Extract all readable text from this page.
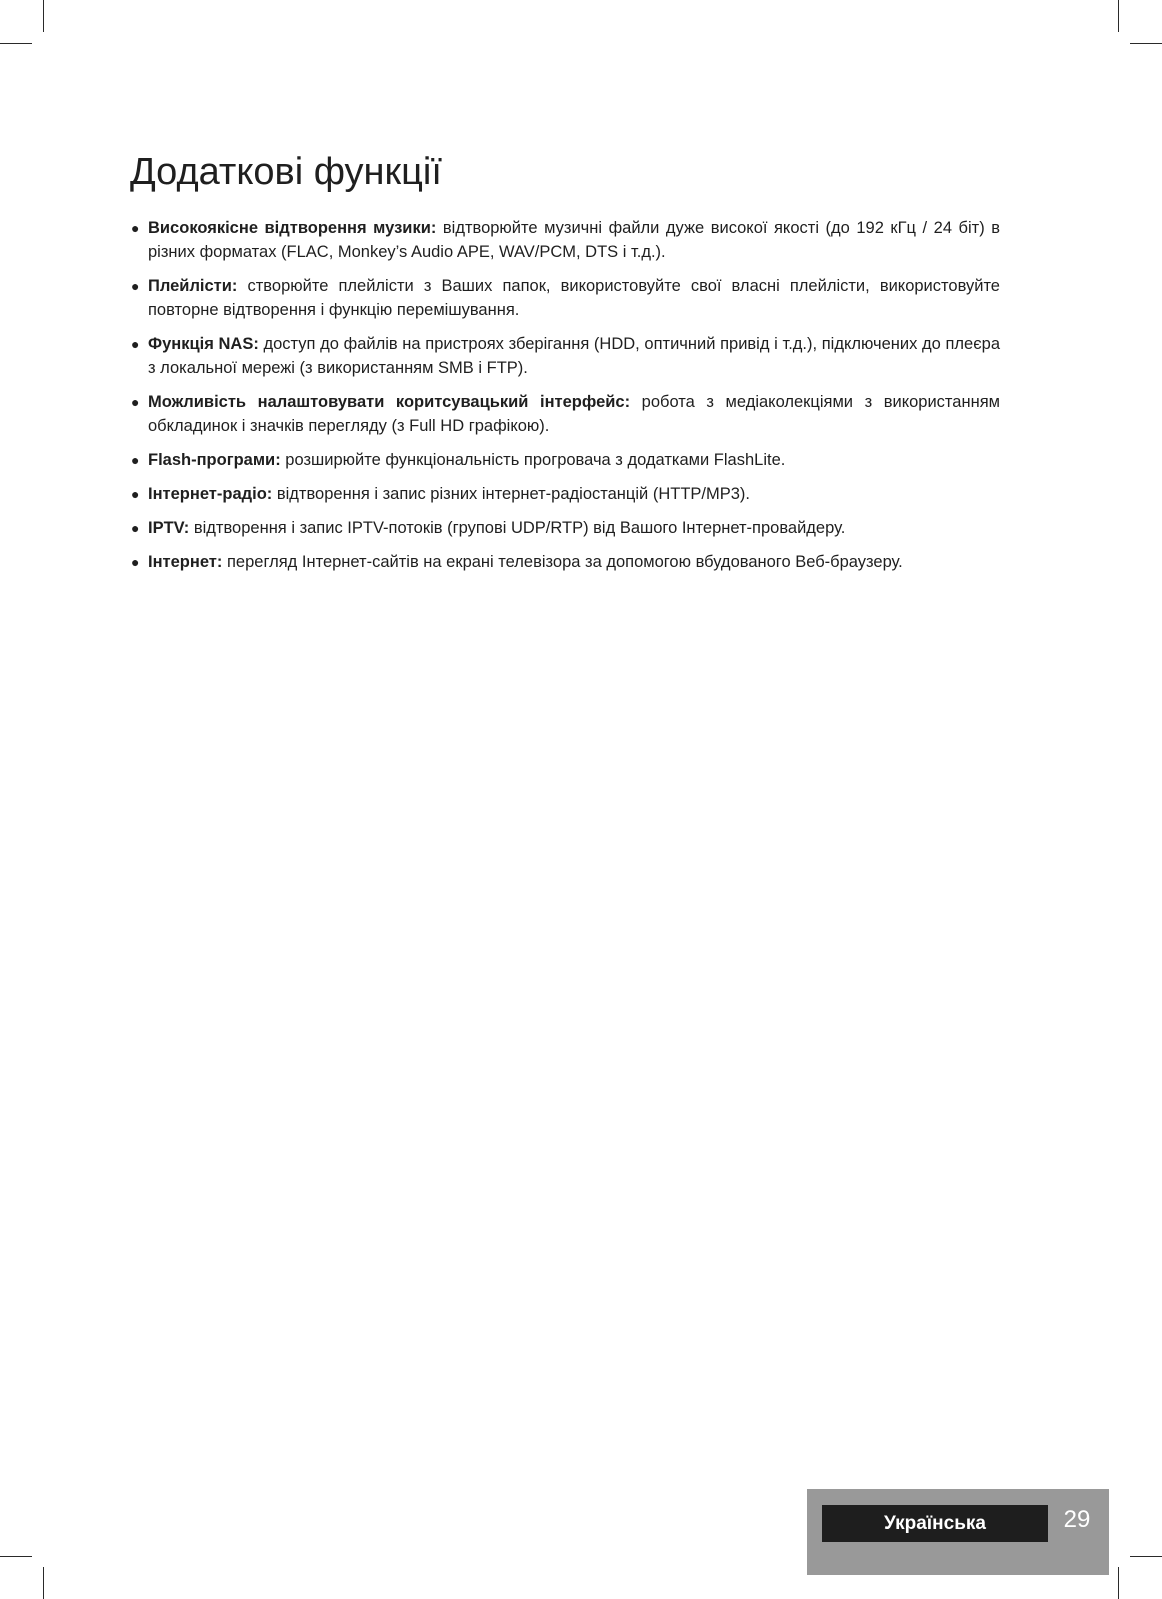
Додаткові функції
● Високоякісне відтворення музики: відтворюйте музичні файли дуже високої якості (до 192 кГц / 24 біт) в різних форматах (FLAC, Monkey’s Audio APE, WAV/PCM, DTS і т.д.).
● Плейлісти: створюйте плейлісти з Ваших папок, використовуйте свої власні плейлісти, використовуйте повторне відтворення і функцію перемішування.
● Функція NAS: доступ до файлів на пристроях зберігання (HDD, оптичний привід і т.д.), підключених до плеєра з локальної мережі (з використанням SMB і FTP).
● Можливість налаштовувати коритсувацький інтерфейс: робота з медіаколекціями з використанням обкладинок і значків перегляду (з Full HD графікою).
● Flash-програми: розширюйте функціональність прогровача з додатками FlashLite.
● Інтернет-радіо: відтворення і запис різних інтернет-радіостанцій (HTTP/MP3).
● IPTV: відтворення і запис IPTV-потоків (групові UDP/RTP) від Вашого Інтернет-провайдеру.
● Інтернет: перегляд Інтернет-сайтів на екрані телевізора за допомогою вбудованого Веб-браузеру.
Українська	29
